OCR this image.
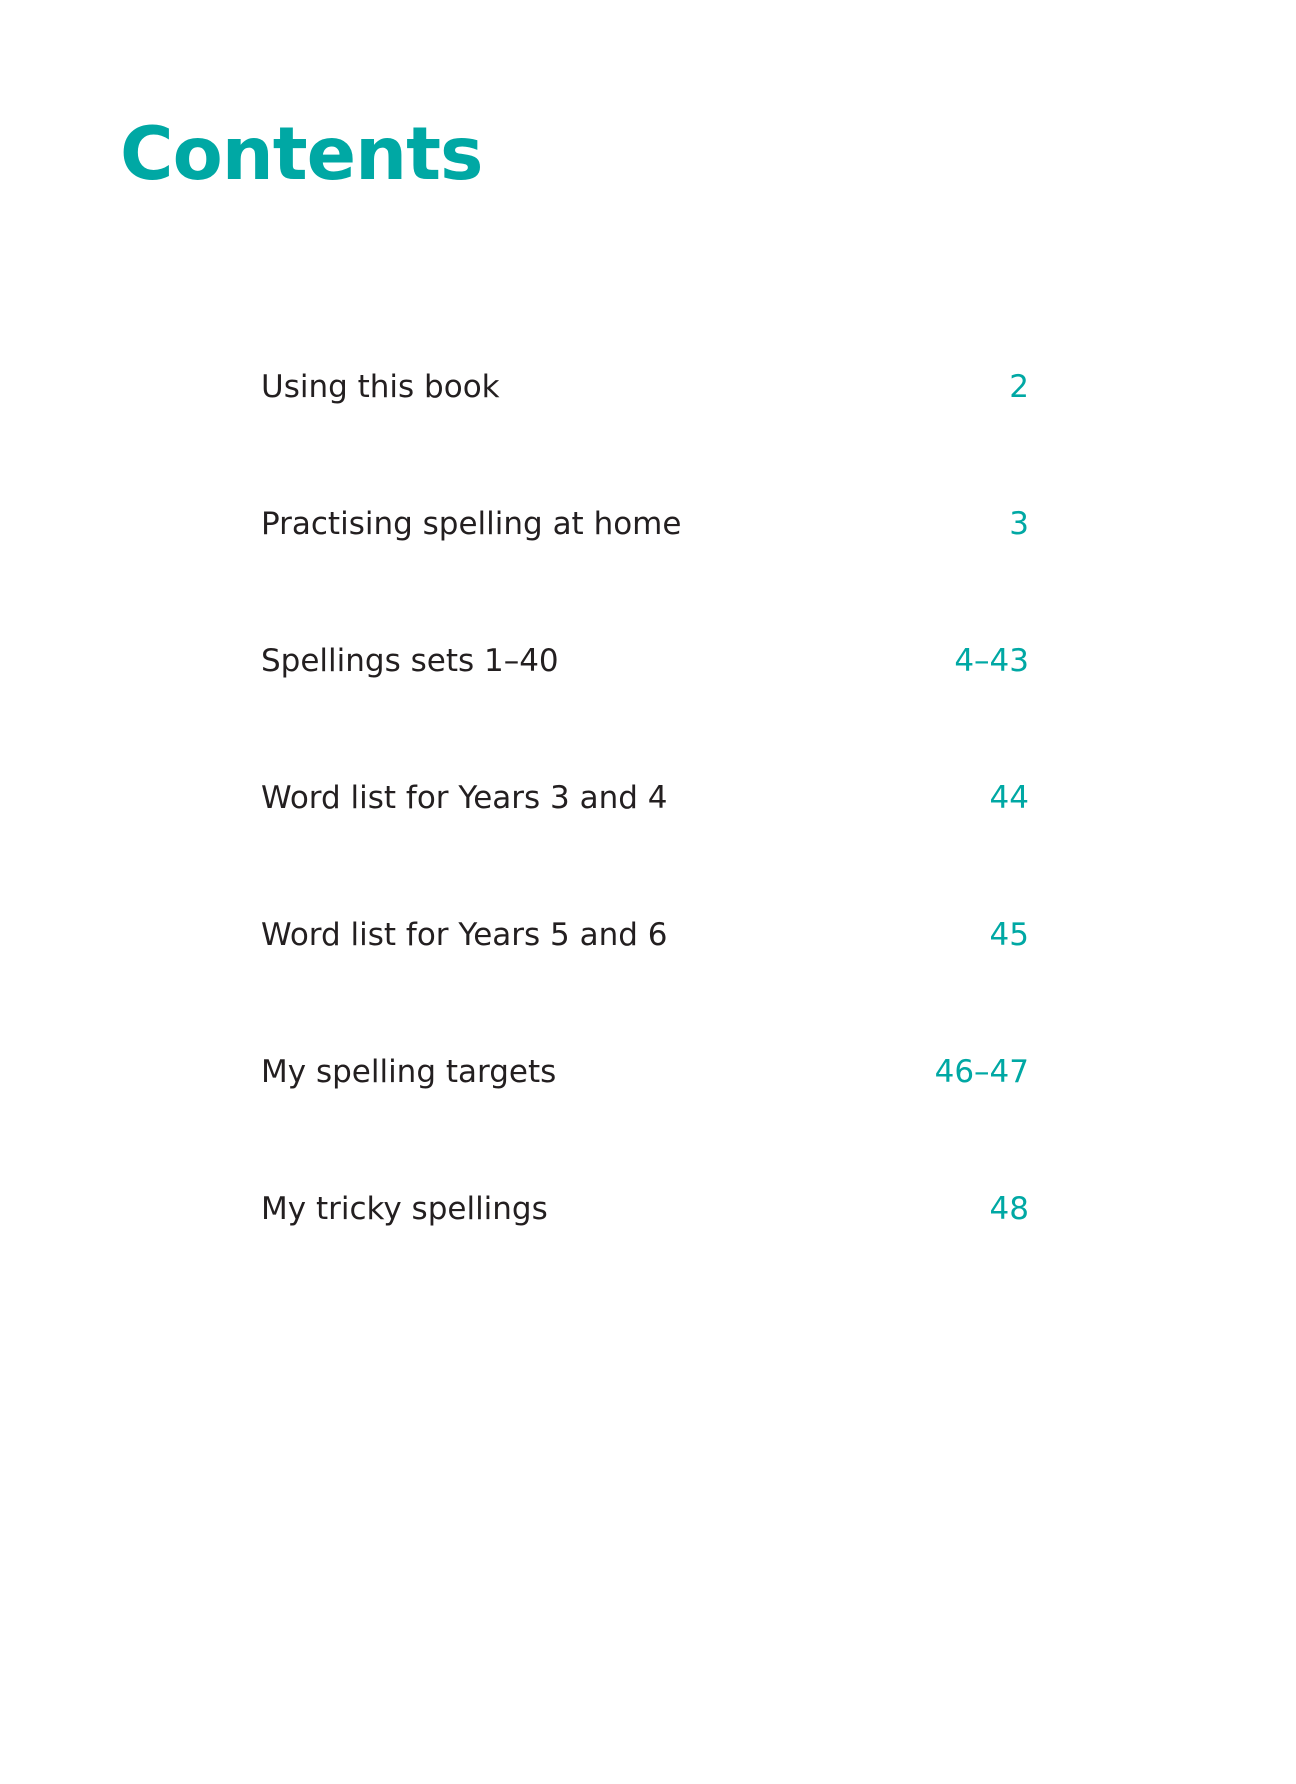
Contents
Using this book	2
Practising spelling at home	3
Spellings sets 1–40	4–43
Word list for Years 3 and 4	44
Word list for Years 5 and 6	45
My spelling targets	46–47
My tricky spellings	48
